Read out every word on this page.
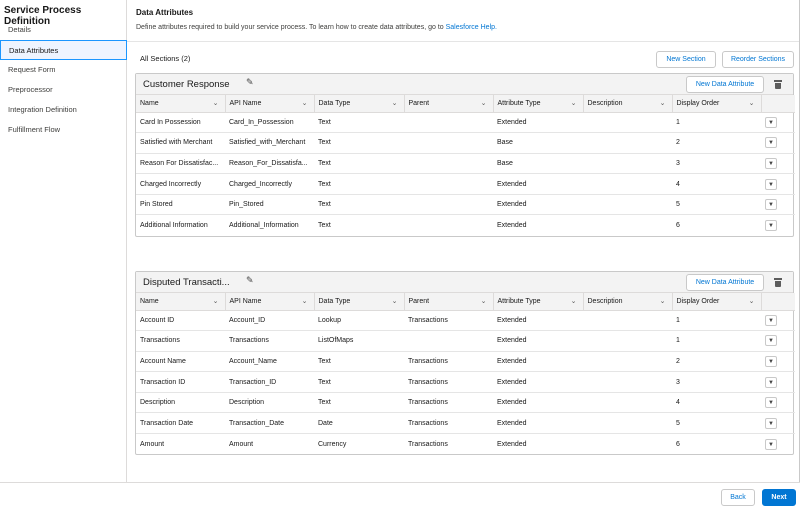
Service Process Definition
Details
Data Attributes
Request Form
Preprocessor
Integration Definition
Fulfillment Flow
Data Attributes
Define attributes required to build your service process. To learn how to create data attributes, go to Salesforce Help.
All Sections (2)	New Section	Reorder Sections
Customer Response ✎	New Data Attribute
Name ⌄	API Name ⌄	Data Type ⌄	Parent ⌄	Attribute Type ⌄	Description ⌄	Display Order ⌄	

Card In Possession	Card_In_Possession	Text		Extended		1	▼
Satisfied with Merchant	Satisfied_with_Merchant	Text		Base		2	▼
Reason For Dissatisfac...	Reason_For_Dissatisfa...	Text		Base		3	▼
Charged Incorrectly	Charged_Incorrectly	Text		Extended		4	▼
Pin Stored	Pin_Stored	Text		Extended		5	▼
Additional Information	Additional_Information	Text		Extended		6	▼
Disputed Transacti... ✎	New Data Attribute
Name ⌄	API Name ⌄	Data Type ⌄	Parent ⌄	Attribute Type ⌄	Description ⌄	Display Order ⌄	

Account ID	Account_ID	Lookup	Transactions	Extended		1	▼
Transactions	Transactions	ListOfMaps		Extended		1	▼
Account Name	Account_Name	Text	Transactions	Extended		2	▼
Transaction ID	Transaction_ID	Text	Transactions	Extended		3	▼
Description	Description	Text	Transactions	Extended		4	▼
Transaction Date	Transaction_Date	Date	Transactions	Extended		5	▼
Amount	Amount	Currency	Transactions	Extended		6	▼
Back	Next
